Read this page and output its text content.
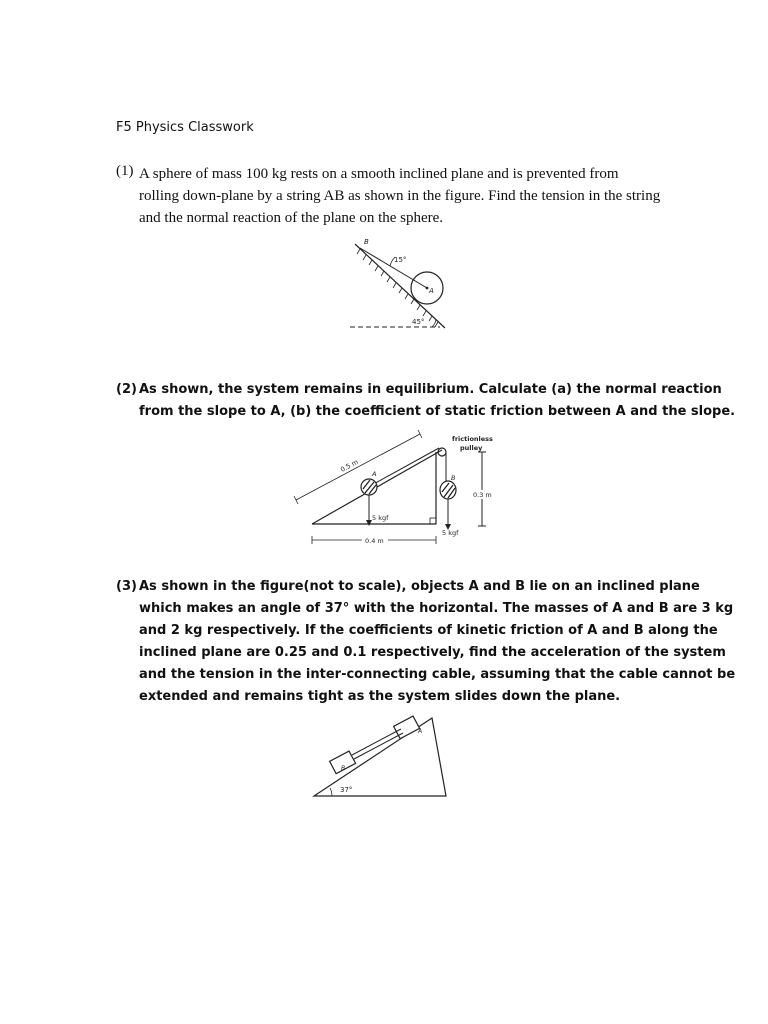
F5 Physics Classwork
(1) A sphere of mass 100 kg rests on a smooth inclined plane and is prevented from
rolling down-plane by a string AB as shown in the figure. Find the tension in the string
and the normal reaction of the plane on the sphere.
B
A
15°
45°
(2) As shown, the system remains in equilibrium. Calculate (a) the normal reaction
from the slope to A, (b) the coefficient of static friction between A and the slope.
frictionless
pulley
0.5 m
A	B
0.3 m
5 kgf
5 kgf
0.4 m
(3) As shown in the figure(not to scale), objects A and B lie on an inclined plane
which makes an angle of 37° with the horizontal. The masses of A and B are 3 kg
and 2 kg respectively. If the coefficients of kinetic friction of A and B along the
inclined plane are 0.25 and 0.1 respectively, find the acceleration of the system
and the tension in the inter-connecting cable, assuming that the cable cannot be
extended and remains tight as the system slides down the plane.
A
B
37°
